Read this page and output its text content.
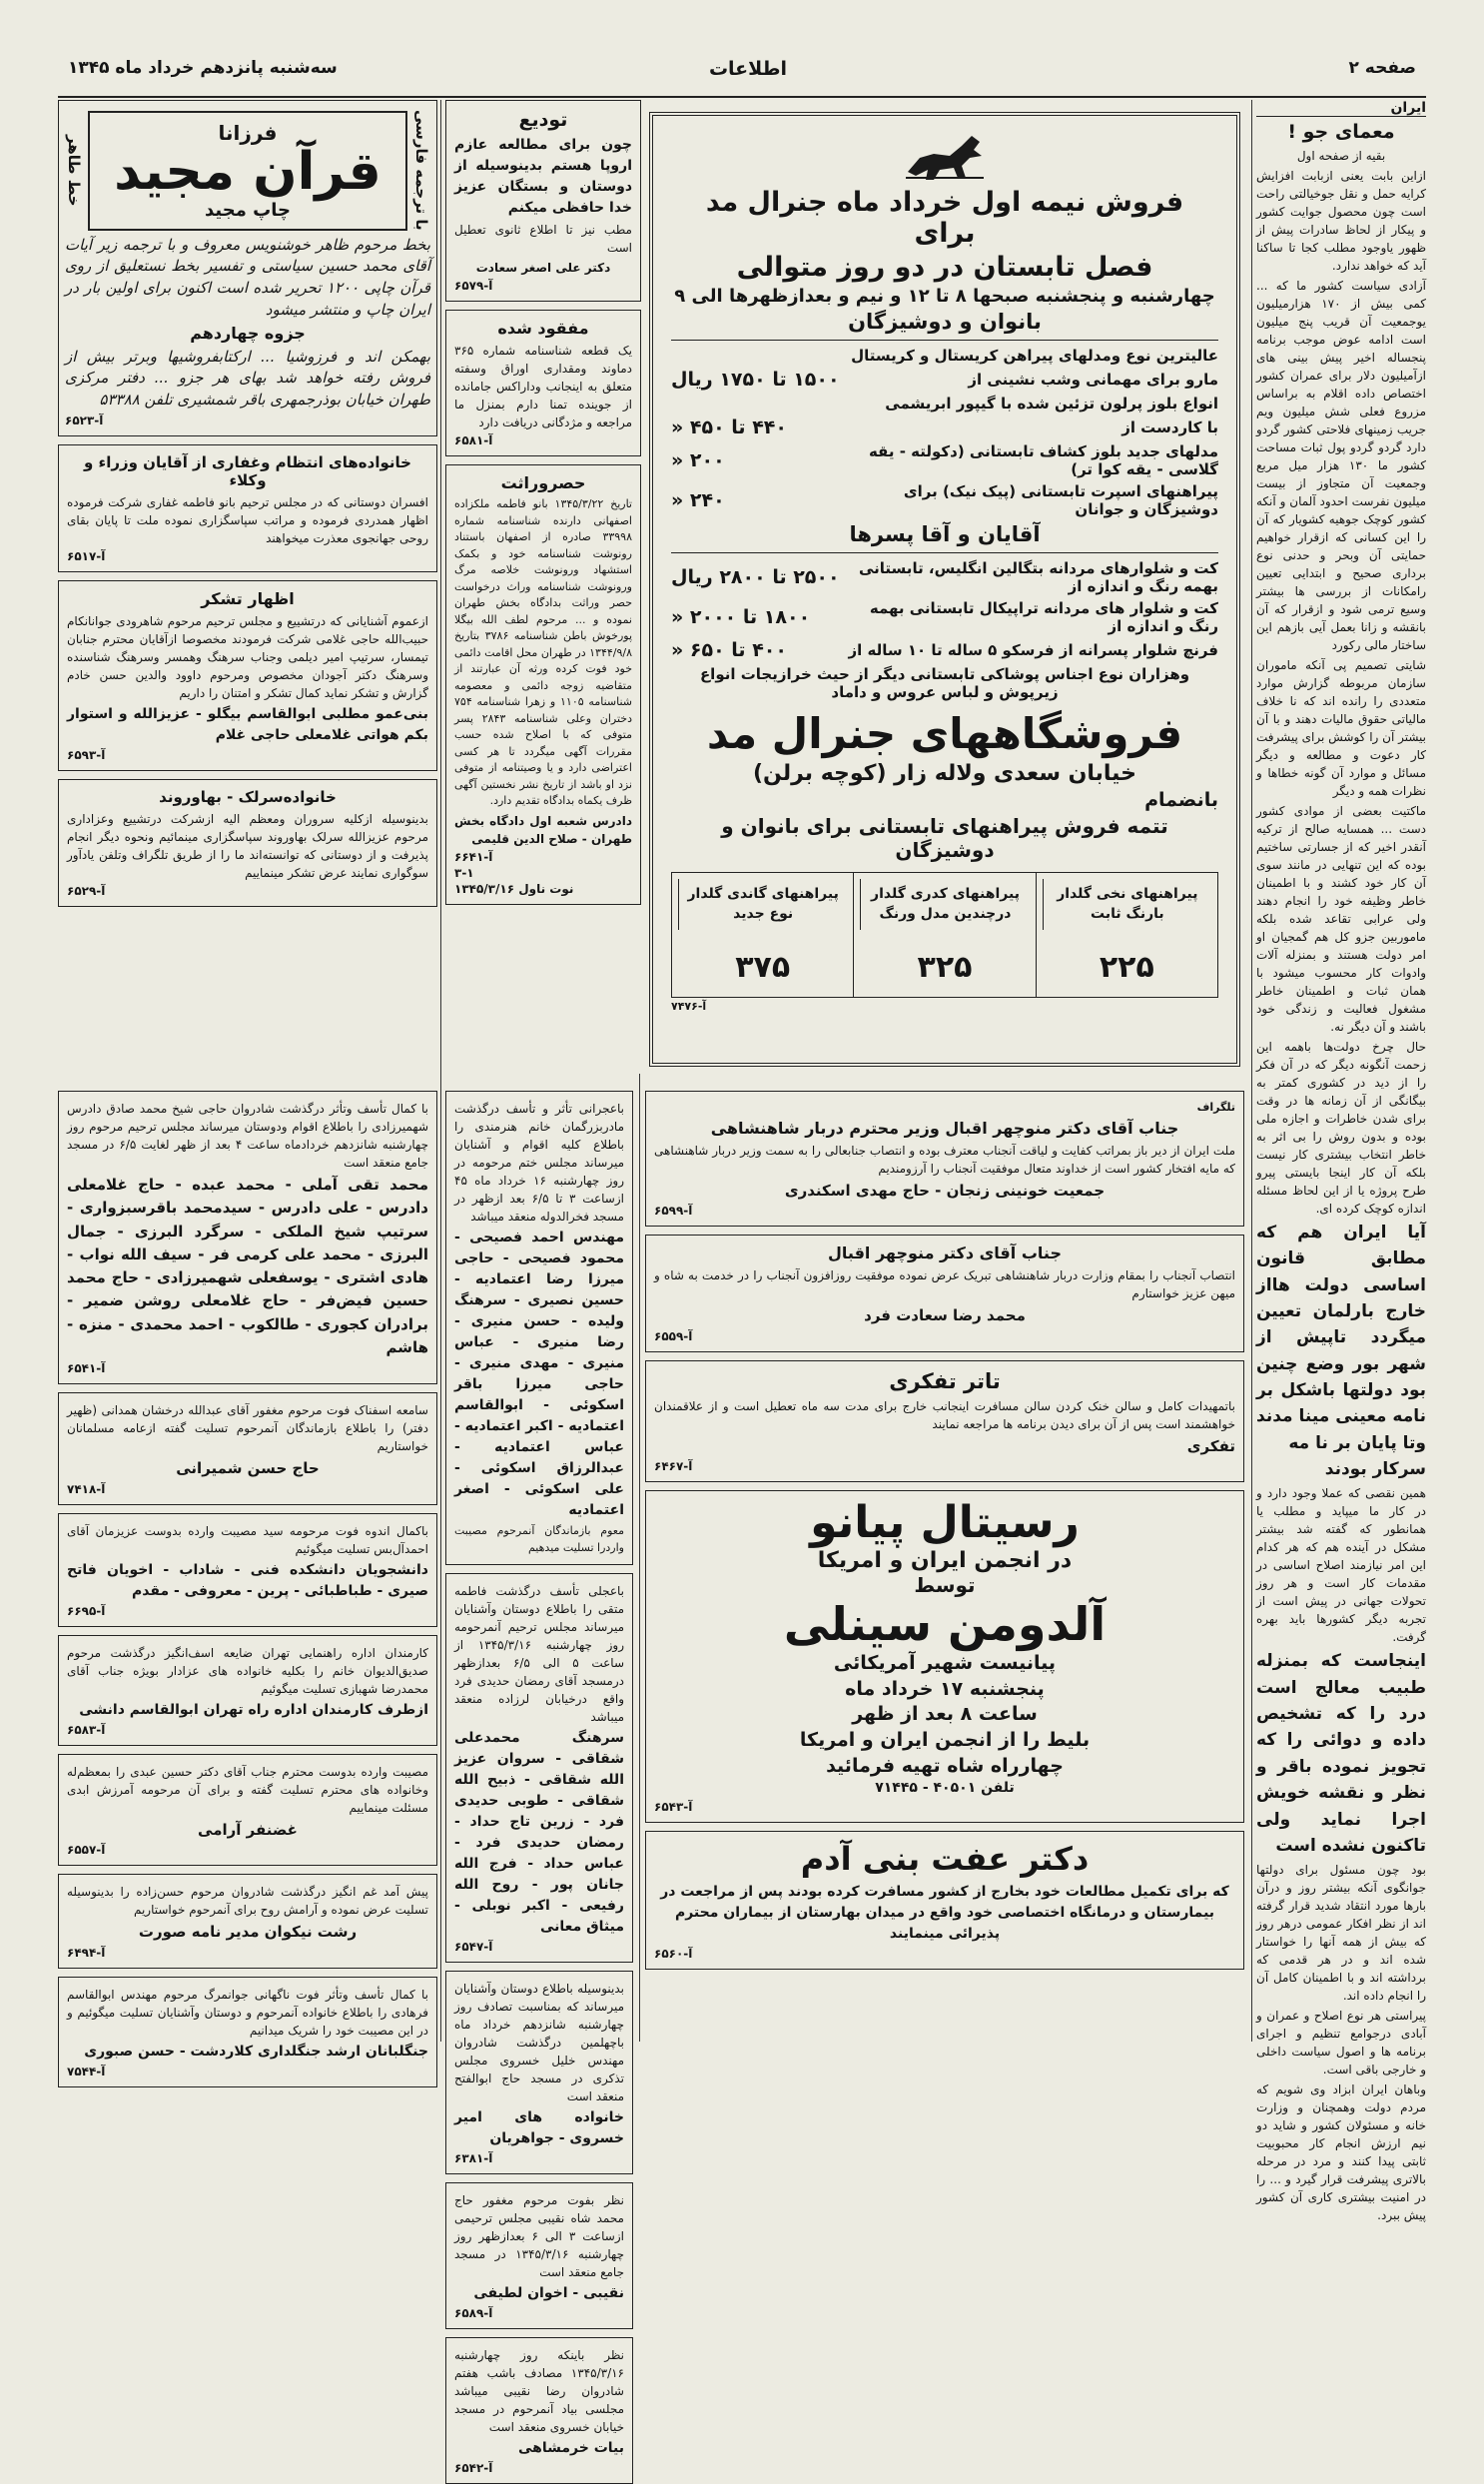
صفحه ۲
اطلاعات
سه‌شنبه پانزدهم خرداد ماه ۱۳۴۵
ایران
معمای جو !
بقیه از صفحه اول
ازاین بابت یعنی ازبابت افزایش کرایه حمل و نقل جوخیالتی راحت است چون محصول جوایت کشور و پیکار از لحاظ سادرات پیش از ظهور یاوجود مطلب کجا تا ساکنا آید که خواهد ندارد.
آزادی سیاست کشور ما که ... کمی بیش از ۱۷۰ هزارمیلیون یوجمعیت آن قریب پنج میلیون است ادامه عوض موجب برنامه پنجساله اخیر پیش بینی های ازآمیلیون دلار برای عمران کشور اختصاص داده اقلام به براساس مزروع فعلی شش میلیون ویم جریب زمینهای فلاحتی کشور گردو دارد گردو گردو پول ثبات مساحت کشور ما ۱۳۰ هزار میل مربع وجمعیت آن متجاوز از بیست میلیون نفرست احدود آلمان و آنکه کشور کوچک جوهیه کشویار که آن را این کسانی که ازقرار خواهیم حمایتی آن وبحر و حدنی نوع برداری صحیح و ابتدایی تعیین رامکانات از بررسی ها بیشتر وسیع ترمی شود و ازقرار که آن بانقشه و زانا بعمل آیی بازهم این ساختار مالی رکورد
شایتی تصمیم پی آنکه ماموران سازمان مربوطه گزارش موارد متعددی را رانده اند که نا خلاف مالیاتی حقوق مالیات دهند و با آن بیشتر آن را کوشش برای پیشرفت کار دعوت و مطالعه و دیگر مسائل و موارد آن گونه خطاها و نظرات همه و دیگر
ماکتیت بعضی از موادی کشور دست ... همسایه صالح از ترکیه آنقدر اخیر که از جسارتی ساختیم بوده که این تنهایی در مانند سوی آن کار خود کشند و با اطمینان خاطر وظیفه خود را انجام دهند ولی عرابی تقاعد شده بلکه ماموربین جزو کل هم گمجیان او امر دولت هستند و بمنزله آلات وادوات کار محسوب میشود با همان ثبات و اطمینان خاطر مشغول فعالیت و زندگی خود باشند و آن دیگر نه.
حال چرخ دولت‌ها باهمه این زحمت آنگونه دیگر که در آن فکر را از دید در کشوری کمتر به بیگانگی از آن زمانه ها در وقت برای شدن خاطرات و اجازه ملی بوده و بدون روش را بی اثر به خاطر انتخاب بیشتری کار نیست بلکه آن کار اینجا بایستی پیرو طرح پروژه یا از این لحاظ مسئله اندازه کوچک کرده ای.
آیا ایران هم که مطابق قانون اساسی دولت هااز خارج بارلمان تعیین میگردد تاپیش از شهر بور وضع چنین بود دولتها باشکل بر نامه معینی مینا مدند وتا پایان بر نا مه
سرکار بودند
همین نقصی که عملا وجود دارد و در کار ما میپاید و مطلب یا همانطور که گفته شد بیشتر مشکل در آینده هم که هر کدام این امر نیازمند اصلاح اساسی در مقدمات کار است و هر روز تحولات جهانی در پیش است از تجربه دیگر کشورها باید بهره گرفت.
اینجاست که بمنزله طبیب معالج است درد را که تشخیص داده و دوائی را که تجویز نموده باقر و نظر و نقشه خویش اجرا نماید ولی تاکنون نشده است
بود چون مسئول برای دولتها جوانگوی آنکه بیشتر روز و درآن بارها مورد انتقاد شدید قرار گرفته اند از نظر افکار عمومی درهر روز که بیش از همه آنها را خواستار شده اند و در هر قدمی که برداشته اند و با اطمینان کامل آن را انجام داده اند.
پیراستی هر نوع اصلاح و عمران و آبادی درجوامع تنظیم و اجرای برنامه ها و اصول سیاست داخلی و خارجی باقی است.
وباهان ایران ابزاد وی شویم که مردم دولت وهمچنان و وزارت خانه و مسئولان کشور و شاید دو نیم ارزش انجام کار محبوبیت ثابتی پیدا کنند و مرد در مرحله بالاتری پیشرفت قرار گیرد و ... را در امنیت بیشتری کاری آن کشور پیش ببرد.
فروش نیمه اول خرداد ماه جنرال مد برای
فصل تابستان در دو روز متوالی
چهارشنبه و پنجشنبه صبحها ۸ تا ۱۲ و نیم و بعدازظهرها الی ۹
بانوان و دوشیزگان
عالیترین نوع ومدلهای پیراهن کریستال و کریستال
مارو برای مهمانی وشب نشینی از
۱۵۰۰ تا ۱۷۵۰ ریال
انواع بلوز پرلون تزئین شده با گیپور ابریشمی
با کاردست از
۴۴۰ تا ۴۵۰ «
مدلهای جدید بلوز کشاف تابستانی (دکولته - یقه گلاسی - یقه کوا تر)
۲۰۰ «
پیراهنهای اسپرت تابستانی (پیک نیک) برای دوشیزگان و جوانان
۲۴۰ «
آقایان و آقا پسرها
کت و شلوارهای مردانه بتگالین انگلیس، تابستانی بهمه رنگ و اندازه از
۲۵۰۰ تا ۲۸۰۰ ریال
کت و شلوار های مردانه تراپیکال تابستانی بهمه رنگ و اندازه از
۱۸۰۰ تا ۲۰۰۰ «
فرنچ شلوار پسرانه از فرسکو ۵ ساله تا ۱۰ ساله از
۴۰۰ تا ۶۵۰ «
وهزاران نوع اجناس پوشاکی تابستانی دیگر از حیث خرازیجات انواع زیرپوش و لباس عروس و داماد
فروشگاههای جنرال مد
خیابان سعدی ولاله زار (کوچه برلن)
بانضمام
تتمه فروش پیراهنهای تابستانی برای بانوان و دوشیزگان
پیراهنهای نخی گلدار بارنگ ثابت
۲۲۵
پیراهنهای کدری گلدار درچندین مدل ورنگ
۳۲۵
پیراهنهای گاندی گلدار نوع جدید
۳۷۵
آ-۷۴۷۶
تودیع
چون برای مطالعه عازم اروپا هستم بدینوسیله از دوستان و بستگان عزیز خدا حافظی میکنم
مطب نیز تا اطلاع ثانوی تعطیل است
دکتر علی اصغر سعادت
آ-۶۵۷۹
مفقود شده
یک قطعه شناسنامه شماره ۳۶۵ دماوند ومقداری اوراق وسفته متعلق به اینجانب وداراکس جامانده از جوینده تمنا دارم بمنزل ما مراجعه و مژدگانی دریافت دارد
آ-۶۵۸۱
حصروراثت
تاریخ ۱۳۴۵/۳/۲۲ بانو فاطمه ملکزاده اصفهانی دارنده شناسنامه شماره ۳۳۹۹۸ صادره از اصفهان باستناد رونوشت شناسنامه خود و بکمک استشهاد ورونوشت خلاصه مرگ ورونوشت شناسنامه وراث درخواست حصر وراثت بدادگاه بخش طهران نموده و ... مرحوم لطف الله بیگلا پورخوش باطن شناسنامه ۳۷۸۶ بتاریخ ۱۳۴۴/۹/۸ در طهران محل اقامت دائمی خود فوت کرده ورثه آن عبارتند از متقاضیه زوجه دائمی و معصومه شناسنامه ۱۱۰۵ و زهرا شناسنامه ۷۵۴ دختران وعلی شناسنامه ۲۸۴۳ پسر متوفی که با اصلاح شده حسب مقررات آگهی میگردد تا هر کسی اعتراضی دارد و یا وصیتنامه از متوفی نزد او باشد از تاریخ نشر نخستین آگهی ظرف یکماه بدادگاه تقدیم دارد.
دادرس شعبه اول دادگاه بخش طهران - صلاح الدین قلیمی
آ-۶۶۴۱
۳-۱
نوت ناول ۱۳۴۵/۳/۱۶
با ترجمه فارسی
فرزانا
قرآن مجید
چاپ مجید
خط طاهر
بخط مرحوم ظاهر خوشنویس معروف و با ترجمه زیر آیات آقای محمد حسین سیاستی و تفسیر بخط نستعلیق از روی قرآن چاپی ۱۲۰۰ تحریر شده است اکنون برای اولین بار در ایران چاپ و منتشر میشود
جزوه چهاردهم
بهمکن اند و فرزوشیا ... ارکتابفروشیها وبرتر بیش از فروش رفته خواهد شد بهای هر جزو ... دفتر مرکزی طهران خیابان بوذرجمهری باقر شمشیری تلفن ۵۳۳۸۸
آ-۶۵۲۳
خانواده‌های انتظام وغفاری از آقایان وزراء و وکلاء
افسران دوستانی که در مجلس ترحیم بانو فاطمه غفاری شرکت فرموده اظهار همدردی فرموده و مراتب سپاسگزاری نموده ملت تا پایان بقای روحی جهانجوی معذرت میخواهند
آ-۶۵۱۷
اظهار تشکر
ازعموم آشنایانی که درتشییع و مجلس ترحیم مرحوم شاهرودی جوانانکام حبیب‌الله حاجی غلامی شرکت فرمودند مخصوصا ازآقایان محترم جنابان تیمسار، سرتیپ امیر دیلمی وجناب سرهنگ وهمسر وسرهنگ شناسنده وسرهنگ دکتر آجودان مخصوص ومرحوم داوود والدین حسن خادم گزارش و تشکر نماید کمال تشکر و امتنان را داریم
بنی‌عمو مطلبی ابوالقاسم بیگلو - عزیز‌الله و استوار بکم هواتی غلامعلی حاجی غلام
آ-۶۵۹۳
خانواده‌سرلک - بهاوروند
بدینوسیله ازکلیه سروران ومعظم الیه ازشرکت درتشییع وعزاداری مرحوم عزیزالله سرلک بهاوروند سپاسگزاری مینمائیم ونحوه دیگر انجام پذیرفت و از دوستانی که توانسته‌اند ما را از طریق تلگراف وتلفن یادآور سوگواری نمایند عرض تشکر مینماییم
آ-۶۵۲۹
با کمال تأسف وتأثر درگذشت شادروان حاجی شیخ محمد صادق دادرس شهمیرزادی را باطلاع اقوام ودوستان میرساند مجلس ترحیم مرحوم روز چهارشنبه شانزدهم خردادماه ساعت ۴ بعد از ظهر لغایت ۶/۵ در مسجد جامع منعقد است
محمد تقی آملی - محمد عبده - حاج غلامعلی دادرس - علی دادرس - سیدمحمد باقرسبزواری - سرتیپ شیخ الملکی - سرگرد البرزی - جمال البرزی - محمد علی کرمی فر - سیف الله نواب - هادی اشتری - یوسفعلی شهمیرزادی - حاج محمد حسین فیض‌فر - حاج غلامعلی روشن ضمیر - برادران کجوری - طالکوب - احمد محمدی - منزه - هاشم
آ-۶۵۴۱
سامعه اسفناک فوت مرحوم مغفور آقای عبدالله درخشان همدانی (ظهیر دفتر) را باطلاع بازماندگان آنمرحوم تسلیت گفته ازعامه مسلمانان خواستاریم
حاج حسن شمیرانی
آ-۷۴۱۸
باکمال اندوه فوت مرحومه سید مصیبت وارده بدوست عزیزمان آقای احمدآل‌بس تسلیت میگوئیم
دانشجویان دانشکده فنی - شاداب - اخویان فاتح صیری - طباطبائی - پرین - معروفی - مقدم
آ-۶۶۹۵
کارمندان اداره راهنمایی تهران ضایعه اسف‌انگیز درگذشت مرحوم صدیق‌الدیوان خانم را بکلیه خانواده های عزادار بویژه جناب آقای محمدرضا شهبازی تسلیت میگوئیم
ازطرف کارمندان اداره راه تهران ابوالقاسم دانشی
آ-۶۵۸۳
مصیبت وارده بدوست محترم جناب آقای دکتر حسین عبدی را بمعظم‌له وخانواده های محترم تسلیت گفته و برای آن مرحومه آمرزش ابدی مسئلت مینماییم
غضنفر آرامی
آ-۶۵۵۷
پیش آمد غم انگیز درگذشت شادروان مرحوم حسن‌زاده را بدینوسیله تسلیت عرض نموده و آرامش روح برای آنمرحوم خواستاریم
رشت نیکوان مدیر نامه صورت
آ-۶۴۹۴
با کمال تأسف وتأثر فوت ناگهانی جوانمرگ مرحوم مهندس ابوالقاسم فرهادی را باطلاع خانواده آنمرحوم و دوستان وآشنایان تسلیت میگوئیم و در این مصیبت خود را شریک میدانیم
جنگلبانان ارشد جنگلداری کلاردشت - حسن صبوری
آ-۷۵۴۴
باعجرانی تأثر و تأسف درگذشت مادربزرگمان خانم هنرمندی را باطلاع کلیه اقوام و آشنایان میرساند مجلس ختم مرحومه در روز چهارشنبه ۱۶ خرداد ماه ۴۵ ازساعت ۳ تا ۶/۵ بعد ازظهر در مسجد فخرالدوله منعقد میباشد
مهندس احمد فصیحی - محمود فصیحی - حاجی میرزا رضا اعتمادیه - حسین نصیری - سرهنگ ولیده - حسن منیری - رضا منیری - عباس منیری - مهدی منیری - حاجی میرزا باقر اسکوئی - ابوالقاسم اعتمادیه - اکبر اعتمادیه - عباس اعتمادیه - عبدالرزاق اسکوئی - علی اسکوئی - اصغر اعتمادیه
معوم بازماندگان آنمرحوم مصیبت واردرا تسلیت میدهیم
باعجلی تأسف درگذشت فاطمه متقی را باطلاع دوستان وآشنایان میرساند مجلس ترحیم آنمرحومه روز چهارشنبه ۱۳۴۵/۳/۱۶ از ساعت ۵ الی ۶/۵ بعدازظهر درمسجد آقای رمضان حدیدی فرد واقع درخیابان لرزاده منعقد میباشد
سرهنگ محمدعلی شقاقی - سروان عزیز الله شقاقی - ذبیح الله شقاقی - طوبی حدیدی فرد - زرین تاج حداد - رمضان حدیدی فرد - عباس حداد - فرج الله جانان پور - روح الله رفیعی - اکبر نوبلی - میثاق معانی
آ-۶۵۴۷
بدینوسیله باطلاع دوستان وآشنایان میرساند که بمناسبت تصادف روز چهارشنبه شانزدهم خرداد ماه باچهلمین درگذشت شادروان مهندس خلیل خسروی مجلس تذکری در مسجد حاج ابوالفتح منعقد است
خانواده های امیر خسروی - جواهریان
آ-۶۳۸۱
نظر بفوت مرحوم مغفور حاج محمد شاه نقیبی مجلس ترحیمی ازساعت ۳ الی ۶ بعدازظهر روز چهارشنبه ۱۳۴۵/۳/۱۶ در مسجد جامع منعقد است
نقیبی - اخوان لطیفی
آ-۶۵۸۹
نظر باینکه روز چهارشنبه ۱۳۴۵/۳/۱۶ مصادف باشب هفتم شادروان رضا نقیبی میباشد مجلسی بیاد آنمرحوم در مسجد خیابان خسروی منعقد است
بیات خرمشاهی
آ-۶۵۴۲
تلگراف
جناب آقای دکتر منوچهر اقبال وزیر محترم دربار شاهنشاهی
ملت ایران از دیر باز بمراتب کفایت و لیاقت آنجناب معترف بوده و انتصاب جنابعالی را به سمت وزیر دربار شاهنشاهی که مایه افتخار کشور است از خداوند متعال موفقیت آنجناب را آرزومندیم
جمعیت خونینی زنجان - حاج مهدی اسکندری
آ-۶۵۹۹
جناب آقای دکتر منوچهر اقبال
انتصاب آنجناب را بمقام وزارت دربار شاهنشاهی تبریک عرض نموده موفقیت روزافزون آنجناب را در خدمت به شاه و میهن عزیز خواستارم
محمد رضا سعادت فرد
آ-۶۵۵۹
تاتر تفکری
باتمهیدات کامل و سالن خنک کردن سالن مسافرت اینجانب خارج برای مدت سه ماه تعطیل است و از علاقمندان خواهشمند است پس از آن برای دیدن برنامه ها مراجعه نمایند
تفکری
آ-۶۴۶۷
رسیتال پیانو
در انجمن ایران و امریکا
توسط
آلدومن سینلی
پیانیست شهیر آمریکائی
پنجشنبه ۱۷ خرداد ماه
ساعت ۸ بعد از ظهر
بلیط را از انجمن ایران و امریکا
چهارراه شاه تهیه فرمائید
تلفن ۴۰۵۰۱ - ۷۱۴۴۵
آ-۶۵۴۳
دکتر عفت بنی آدم
که برای تکمیل مطالعات خود بخارج از کشور مسافرت کرده بودند پس از مراجعت در بیمارستان و درمانگاه اختصاصی خود واقع در میدان بهارستان از بیماران محترم پذیرائی مینمایند
آ-۶۵۶۰
